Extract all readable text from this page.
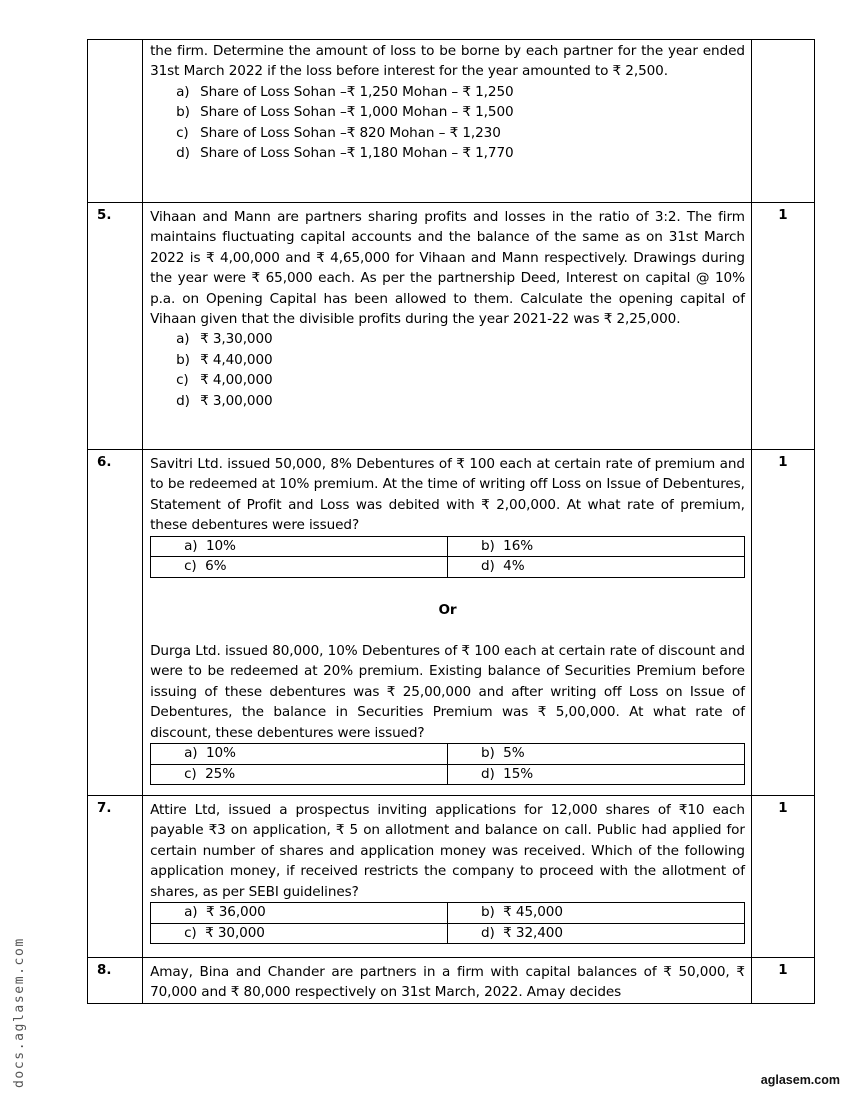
the firm. Determine the amount of loss to be borne by each partner for the year ended 31st March 2022 if the loss before interest for the year amounted to ₹ 2,500.

a) Share of Loss Sohan –₹ 1,250 Mohan – ₹ 1,250
b) Share of Loss Sohan –₹ 1,000 Mohan – ₹ 1,500
c) Share of Loss Sohan –₹ 820 Mohan – ₹ 1,230
d) Share of Loss Sohan –₹ 1,180 Mohan – ₹ 1,770

5.	Vihaan and Mann are partners sharing profits and losses in the ratio of 3:2. The firm maintains fluctuating capital accounts and the balance of the same as on 31st March 2022 is ₹ 4,00,000 and ₹ 4,65,000 for Vihaan and Mann respectively. Drawings during the year were ₹ 65,000 each. As per the partnership Deed, Interest on capital @ 10% p.a. on Opening Capital has been allowed to them. Calculate the opening capital of Vihaan given that the divisible profits during the year 2021-22 was ₹ 2,25,000.

a) ₹ 3,30,000
b) ₹ 4,40,000
c) ₹ 4,00,000
d) ₹ 3,00,000

1

6.	Savitri Ltd. issued 50,000, 8% Debentures of ₹ 100 each at certain rate of premium and to be redeemed at 10% premium. At the time of writing off Loss on Issue of Debentures, Statement of Profit and Loss was debited with ₹ 2,00,000. At what rate of premium, these debentures were issued?

a) 10%	b) 16%
c) 6%	d) 4%
Or

Durga Ltd. issued 80,000, 10% Debentures of ₹ 100 each at certain rate of discount and were to be redeemed at 20% premium. Existing balance of Securities Premium before issuing of these debentures was ₹ 25,00,000 and after writing off Loss on Issue of Debentures, the balance in Securities Premium was ₹ 5,00,000. At what rate of discount, these debentures were issued?

a) 10%	b) 5%
c) 25%	d) 15%

1

7.	Attire Ltd, issued a prospectus inviting applications for 12,000 shares of ₹10 each payable ₹3 on application, ₹ 5 on allotment and balance on call. Public had applied for certain number of shares and application money was received. Which of the following application money, if received restricts the company to proceed with the allotment of shares, as per SEBI guidelines?

a) ₹ 36,000	b) ₹ 45,000
c) ₹ 30,000	d) ₹ 32,400

1

8.	Amay, Bina and Chander are partners in a firm with capital balances of ₹ 50,000, ₹ 70,000 and ₹ 80,000 respectively on 31st March, 2022. Amay decides

1
docs.aglasem.com	aglasem.com
